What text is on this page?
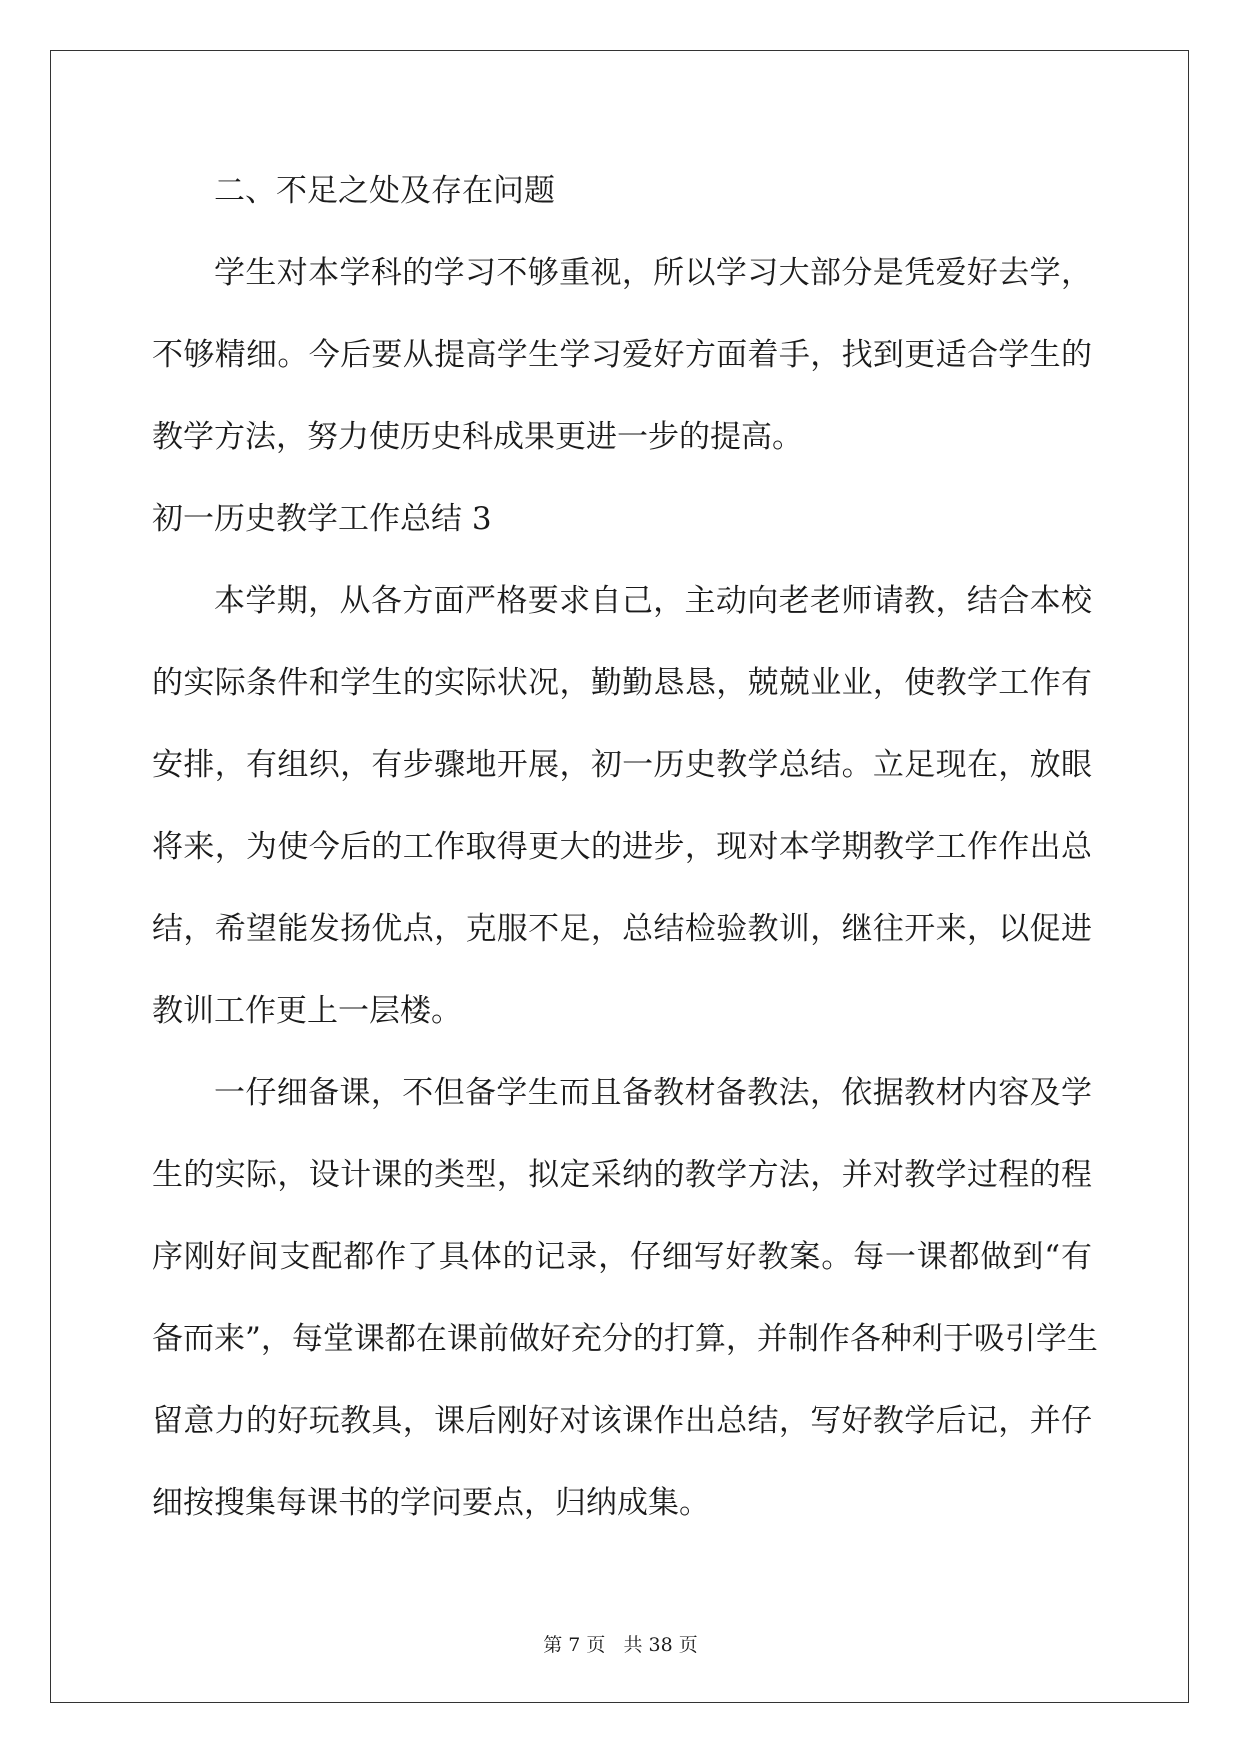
二、不足之处及存在问题
学生对本学科的学习不够重视，所以学习大部分是凭爱好去学，
不够精细。今后要从提高学生学习爱好方面着手，找到更适合学生的
教学方法，努力使历史科成果更进一步的提高。
初一历史教学工作总结 3
本学期，从各方面严格要求自己，主动向老老师请教，结合本校
的实际条件和学生的实际状况，勤勤恳恳，兢兢业业，使教学工作有
安排，有组织，有步骤地开展，初一历史教学总结。立足现在，放眼
将来，为使今后的工作取得更大的进步，现对本学期教学工作作出总
结，希望能发扬优点，克服不足，总结检验教训，继往开来，以促进
教训工作更上一层楼。
一仔细备课，不但备学生而且备教材备教法，依据教材内容及学
生的实际，设计课的类型，拟定采纳的教学方法，并对教学过程的程
序刚好间支配都作了具体的记录，仔细写好教案。每一课都做到“有
备而来”，每堂课都在课前做好充分的打算，并制作各种利于吸引学生
留意力的好玩教具，课后刚好对该课作出总结，写好教学后记，并仔
细按搜集每课书的学问要点，归纳成集。
第 7 页 共 38 页
